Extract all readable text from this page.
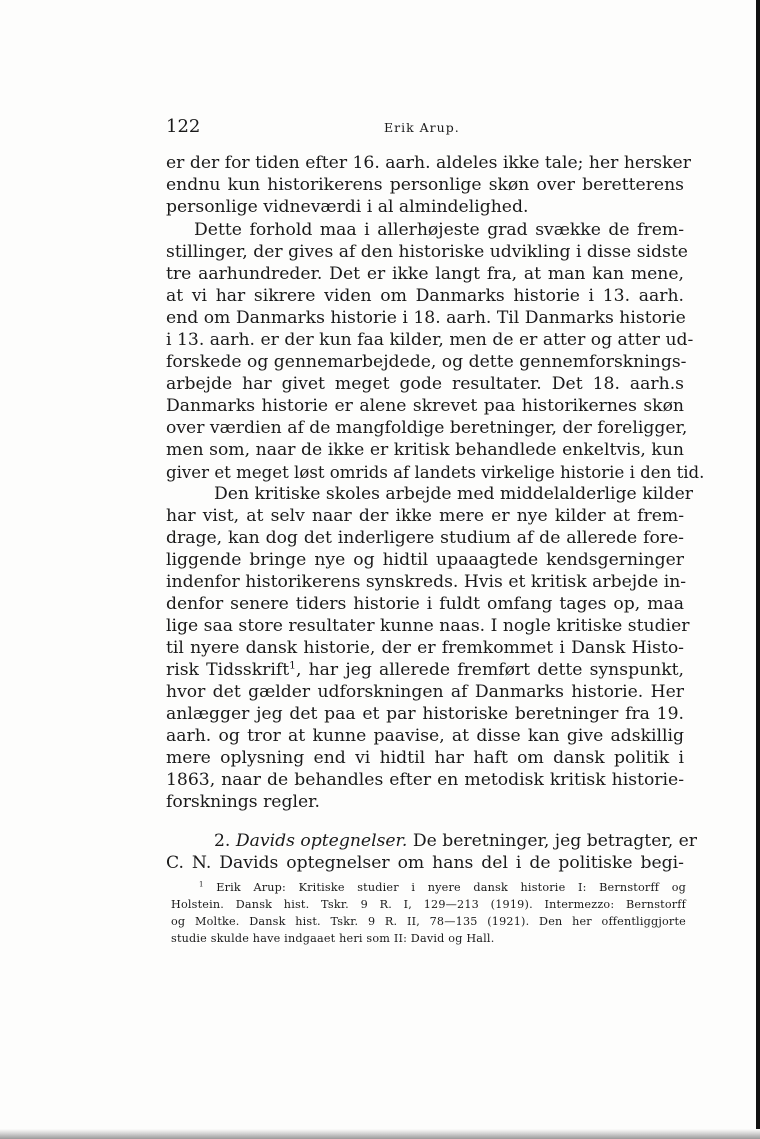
122	Erik Arup.
er der for tiden efter 16. aarh. aldeles ikke tale; her hersker
endnu kun historikerens personlige skøn over beretterens
personlige vidneværdi i al almindelighed.
Dette forhold maa i allerhøjeste grad svække de frem-
stillinger, der gives af den historiske udvikling i disse sidste
tre aarhundreder. Det er ikke langt fra, at man kan mene,
at vi har sikrere viden om Danmarks historie i 13. aarh.
end om Danmarks historie i 18. aarh. Til Danmarks historie
i 13. aarh. er der kun faa kilder, men de er atter og atter ud-
forskede og gennemarbejdede, og dette gennemforsknings-
arbejde har givet meget gode resultater. Det 18. aarh.s
Danmarks historie er alene skrevet paa historikernes skøn
over værdien af de mangfoldige beretninger, der foreligger,
men som, naar de ikke er kritisk behandlede enkeltvis, kun
giver et meget løst omrids af landets virkelige historie i den tid.
Den kritiske skoles arbejde med middelalderlige kilder
har vist, at selv naar der ikke mere er nye kilder at frem-
drage, kan dog det inderligere studium af de allerede fore-
liggende bringe nye og hidtil upaaagtede kendsgerninger
indenfor historikerens synskreds. Hvis et kritisk arbejde in-
denfor senere tiders historie i fuldt omfang tages op, maa
lige saa store resultater kunne naas. I nogle kritiske studier
til nyere dansk historie, der er fremkommet i Dansk Histo-
risk Tidsskrift$^1$, har jeg allerede fremført dette synspunkt,
hvor det gælder udforskningen af Danmarks historie. Her
anlægger jeg det paa et par historiske beretninger fra 19.
aarh. og tror at kunne paavise, at disse kan give adskillig
mere oplysning end vi hidtil har haft om dansk politik i
1863, naar de behandles efter en metodisk kritisk historie-
forsknings regler.
2. Davids optegnelser. De beretninger, jeg betragter, er
C. N. Davids optegnelser om hans del i de politiske begi-
$^1$ Erik Arup: Kritiske studier i nyere dansk historie I: Bernstorff og
Holstein. Dansk hist. Tskr. 9 R. I, 129—213 (1919). Intermezzo: Bernstorff
og Moltke. Dansk hist. Tskr. 9 R. II, 78—135 (1921). Den her offentliggjorte
studie skulde have indgaaet heri som II: David og Hall.
